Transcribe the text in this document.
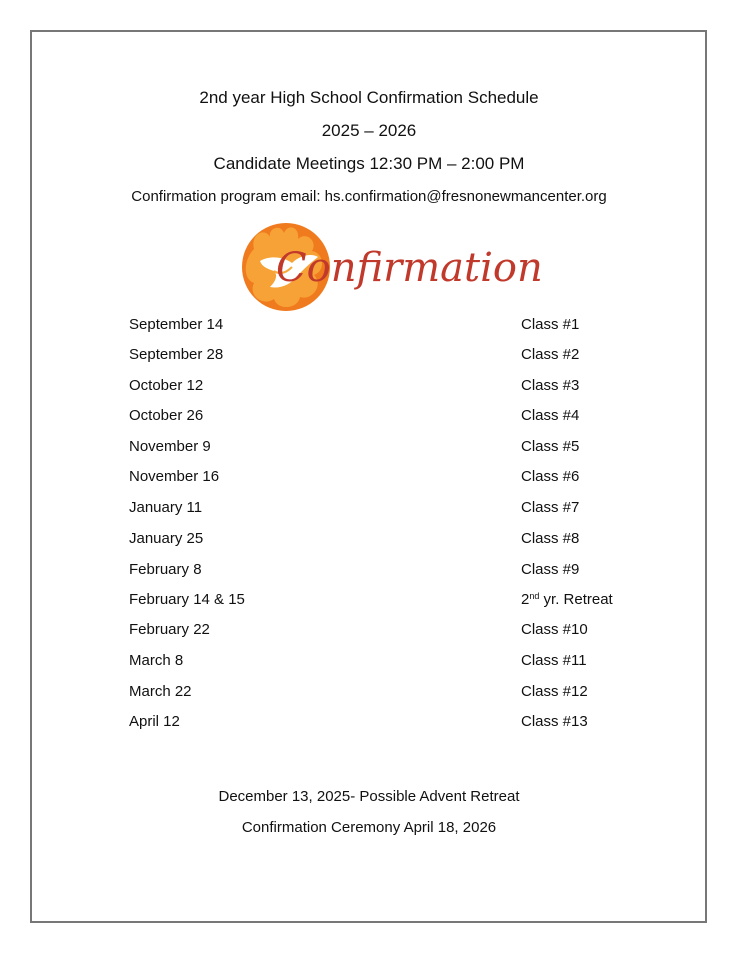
2nd year High School Confirmation Schedule
2025 – 2026
Candidate Meetings 12:30 PM – 2:00 PM
Confirmation program email: hs.confirmation@fresnonewmancenter.org
Confirmation
September 14	Class #1
September 28	Class #2
October 12	Class #3
October 26	Class #4
November 9	Class #5
November 16	Class #6
January 11	Class #7
January 25	Class #8
February 8	Class #9
February 14 & 15	2nd yr. Retreat
February 22	Class #10
March 8	Class #11
March 22	Class #12
April 12	Class #13
December 13, 2025- Possible Advent Retreat
Confirmation Ceremony April 18, 2026
